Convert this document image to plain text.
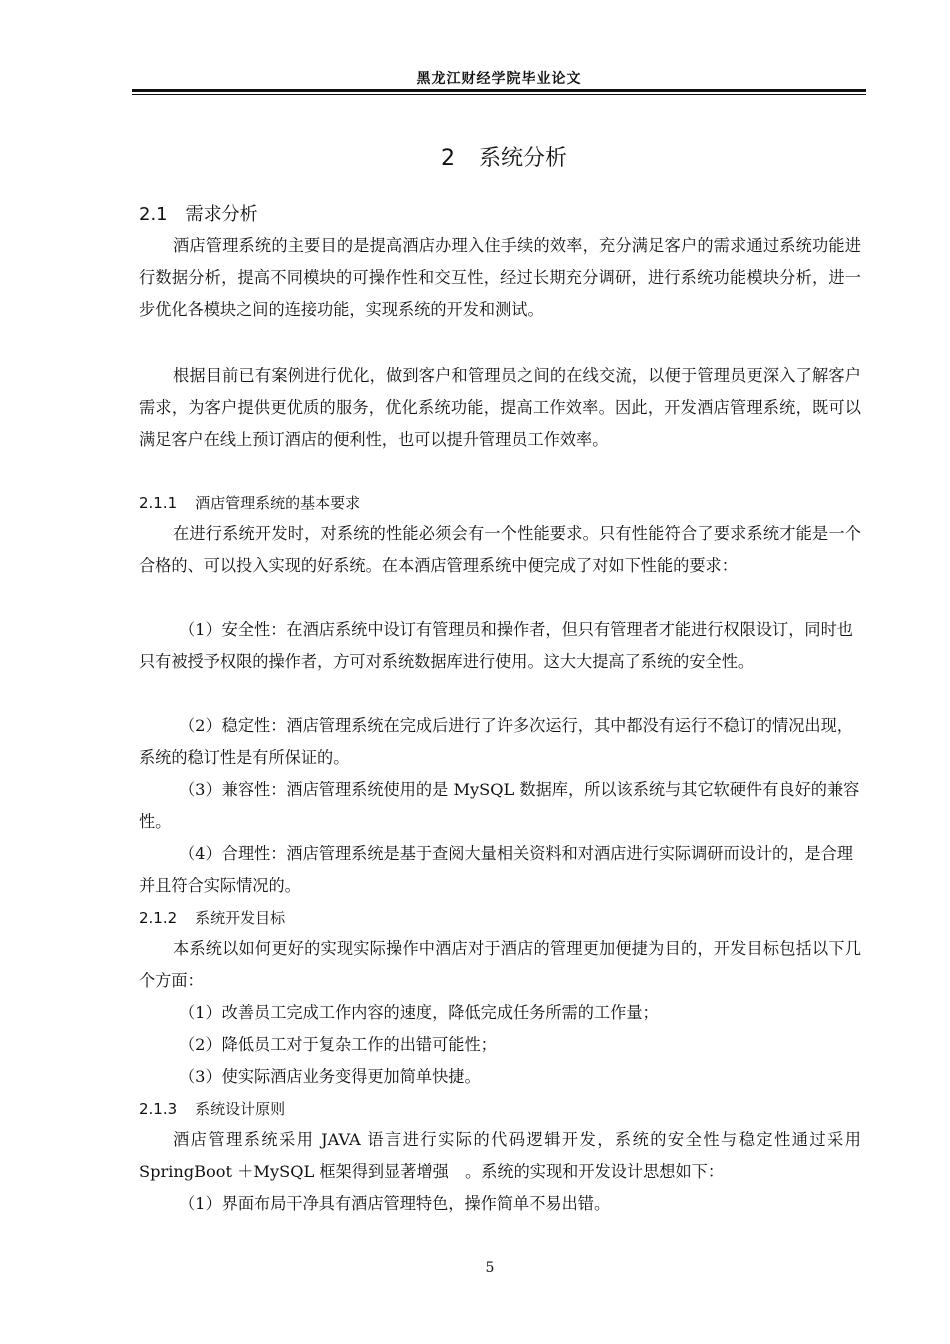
黑龙江财经学院毕业论文
2 系统分析
2.1 需求分析

酒店管理系统的主要目的是提高酒店办理入住手续的效率，充分满足客户的需求通过系统功能进行数据分析，提高不同模块的可操作性和交互性，经过长期充分调研，进行系统功能模块分析，进一步优化各模块之间的连接功能，实现系统的开发和测试。

根据目前已有案例进行优化，做到客户和管理员之间的在线交流，以便于管理员更深入了解客户需求，为客户提供更优质的服务，优化系统功能，提高工作效率。因此，开发酒店管理系统，既可以满足客户在线上预订酒店的便利性，也可以提升管理员工作效率。

2.1.1 酒店管理系统的基本要求

在进行系统开发时，对系统的性能必须会有一个性能要求。只有性能符合了要求系统才能是一个合格的、可以投入实现的好系统。在本酒店管理系统中便完成了对如下性能的要求：

（1）安全性：在酒店系统中设订有管理员和操作者，但只有管理者才能进行权限设订，同时也只有被授予权限的操作者，方可对系统数据库进行使用。这大大提高了系统的安全性。

（2）稳定性：酒店管理系统在完成后进行了许多次运行，其中都没有运行不稳订的情况出现，系统的稳订性是有所保证的。

（3）兼容性：酒店管理系统使用的是 MySQL 数据库，所以该系统与其它软硬件有良好的兼容性。

（4）合理性：酒店管理系统是基于查阅大量相关资料和对酒店进行实际调研而设计的，是合理并且符合实际情况的。

2.1.2 系统开发目标

本系统以如何更好的实现实际操作中酒店对于酒店的管理更加便捷为目的，开发目标包括以下几个方面：

（1）改善员工完成工作内容的速度，降低完成任务所需的工作量；

（2）降低员工对于复杂工作的出错可能性；

（3）使实际酒店业务变得更加简单快捷。

2.1.3 系统设计原则

酒店管理系统采用 JAVA 语言进行实际的代码逻辑开发，系统的安全性与稳定性通过采用 SpringBoot ＋MySQL 框架得到显著增强　。系统的实现和开发设计思想如下：

（1）界面布局干净具有酒店管理特色，操作简单不易出错。

5
